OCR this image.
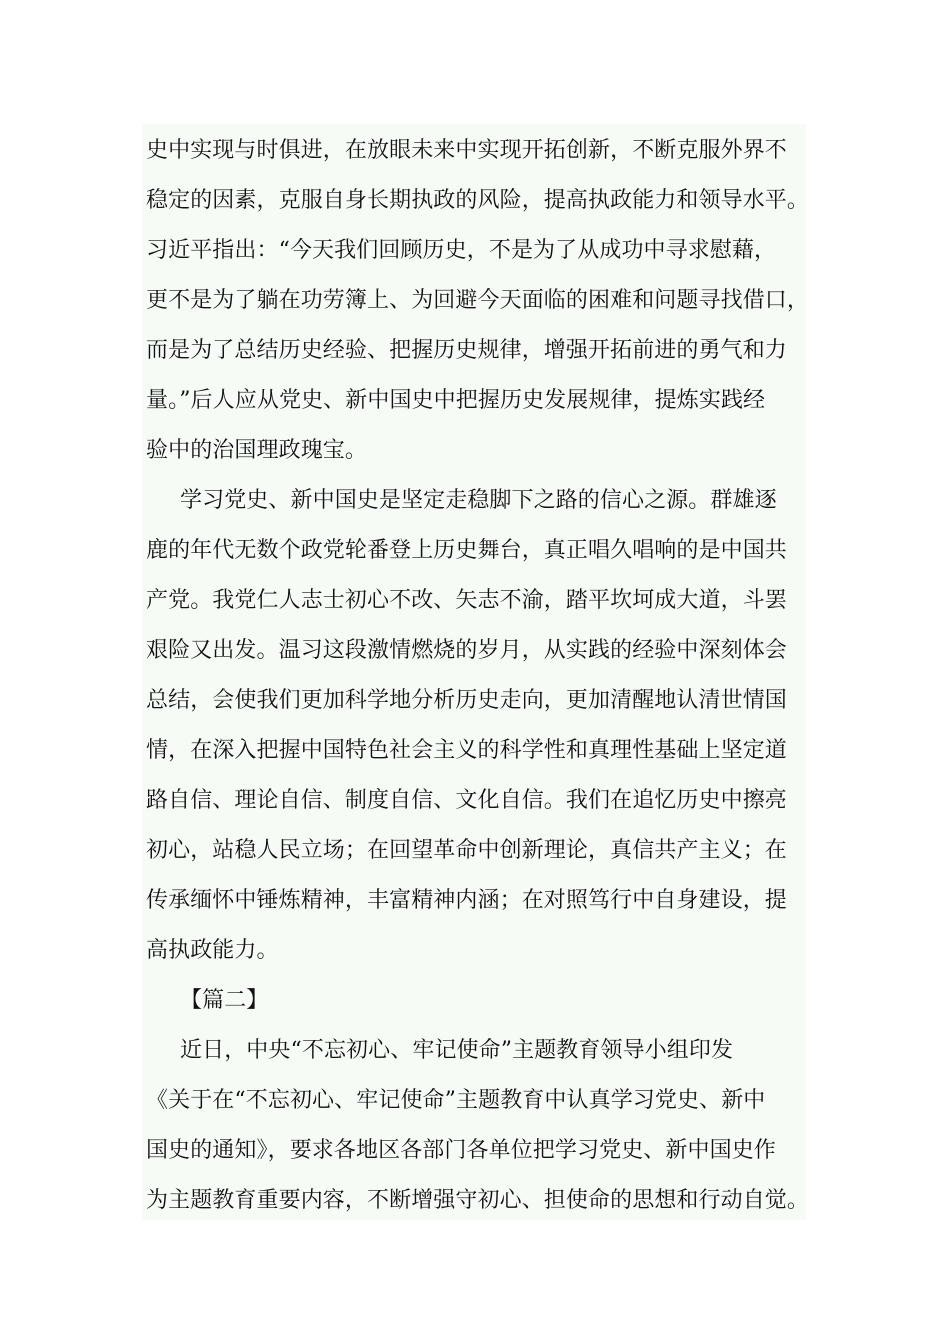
史中实现与时俱进，在放眼未来中实现开拓创新，不断克服外界不
稳定的因素，克服自身长期执政的风险，提高执政能力和领导水平。
习近平指出：“今天我们回顾历史，不是为了从成功中寻求慰藉，
更不是为了躺在功劳簿上、为回避今天面临的困难和问题寻找借口，
而是为了总结历史经验、把握历史规律，增强开拓前进的勇气和力
量。”后人应从党史、新中国史中把握历史发展规律，提炼实践经
验中的治国理政瑰宝。
学习党史、新中国史是坚定走稳脚下之路的信心之源。群雄逐
鹿的年代无数个政党轮番登上历史舞台，真正唱久唱响的是中国共
产党。我党仁人志士初心不改、矢志不渝，踏平坎坷成大道，斗罢
艰险又出发。温习这段激情燃烧的岁月，从实践的经验中深刻体会
总结，会使我们更加科学地分析历史走向，更加清醒地认清世情国
情，在深入把握中国特色社会主义的科学性和真理性基础上坚定道
路自信、理论自信、制度自信、文化自信。我们在追忆历史中擦亮
初心，站稳人民立场；在回望革命中创新理论，真信共产主义；在
传承缅怀中锤炼精神，丰富精神内涵；在对照笃行中自身建设，提
高执政能力。
【篇二】
近日，中央“不忘初心、牢记使命”主题教育领导小组印发
《关于在“不忘初心、牢记使命”主题教育中认真学习党史、新中
国史的通知》，要求各地区各部门各单位把学习党史、新中国史作
为主题教育重要内容，不断增强守初心、担使命的思想和行动自觉。
